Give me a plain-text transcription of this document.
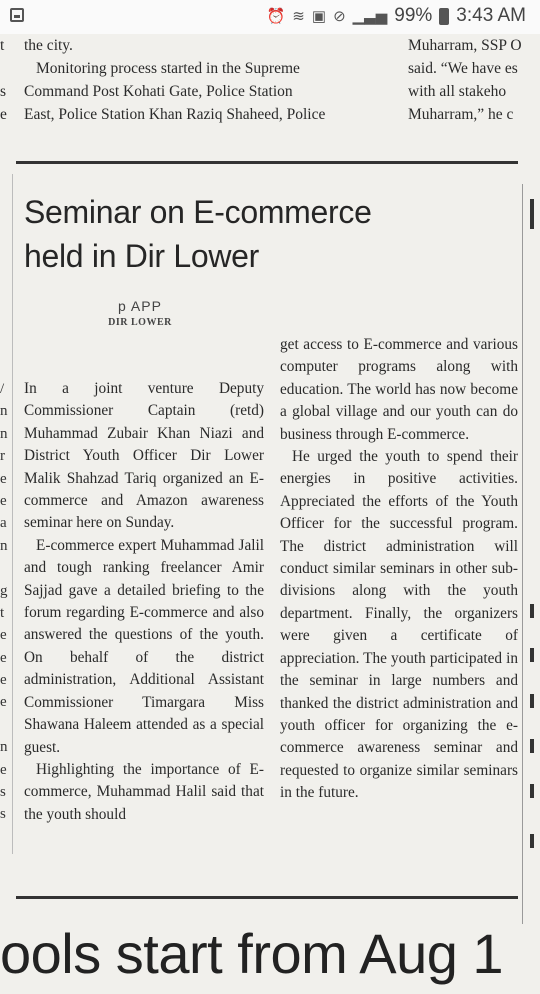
⏰ ≋ ▣ ⊘ ▁▃▅ 99% 3:43 AM
t
s
e
the city.
Monitoring process started in the Supreme
Command Post Kohati Gate, Police Station
East, Police Station Khan Raziq Shaheed, Police
Muharram, SSP O
said. “We have es
with all stakeho
Muharram,” he c
Seminar on E-commerce
held in Dir Lower
p APP
DIR LOWER
/
n
n
r
e
e
a
n
g
t
e
e
e
e
n
e
s
s

In a joint venture Deputy Commissioner Captain (retd) Muhammad Zubair Khan Niazi and District Youth Officer Dir Lower Malik Shahzad Tariq organized an E-commerce and Amazon awareness seminar here on Sunday.

E-commerce expert Muhammad Jalil and tough ranking freelancer Amir Sajjad gave a detailed briefing to the forum regarding E-commerce and also answered the questions of the youth. On behalf of the district administration, Additional Assistant Commissioner Timargara Miss Shawana Haleem attended as a special guest.

Highlighting the importance of E-commerce, Muhammad Halil said that the youth should

get access to E-commerce and various computer programs along with education. The world has now become a global village and our youth can do business through E-commerce.

He urged the youth to spend their energies in positive activities. Appreciated the efforts of the Youth Officer for the successful program. The district administration will conduct similar seminars in other sub-divisions along with the youth department. Finally, the organizers were given a certificate of appreciation. The youth participated in the seminar in large numbers and thanked the district administration and youth officer for organizing the e-commerce awareness seminar and requested to organize similar seminars in the future.

ools start from Aug 1
